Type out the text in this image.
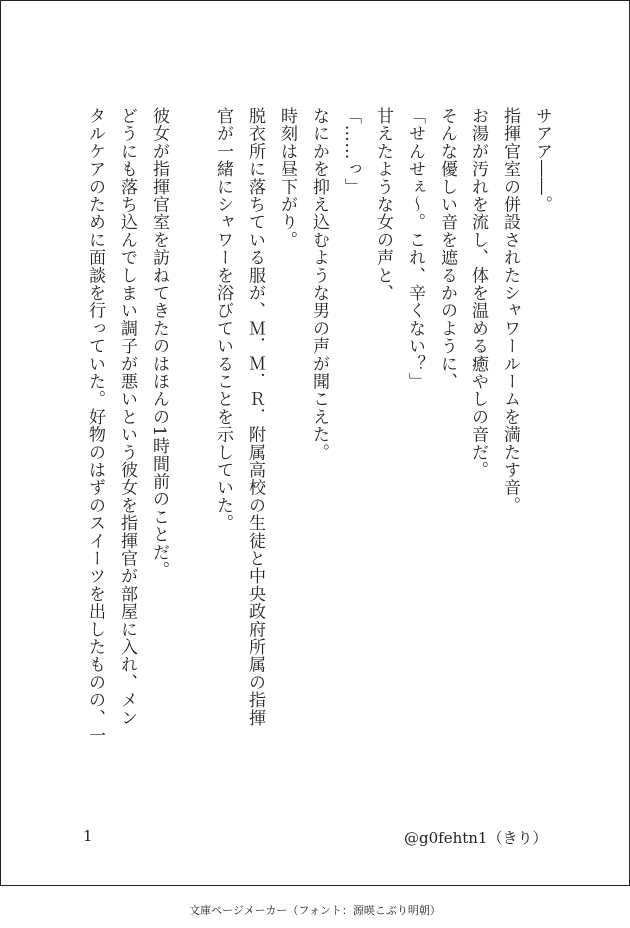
サアア――。
指揮官室の併設されたシャワールームを満たす音。
お湯が汚れを流し、体を温める癒やしの音だ。
そんな優しい音を遮るかのように、
「せんせぇ〜。これ、辛くない？」
甘えたような女の声と、
「……っ」
なにかを抑え込むような男の声が聞こえた。
時刻は昼下がり。
脱衣所に落ちている服が、Ｍ．Ｍ．Ｒ．附属高校の生徒と中央政府所属の指揮
官が一緒にシャワーを浴びていることを示していた。
彼女が指揮官室を訪ねてきたのはほんの1時間前のことだ。
どうにも落ち込んでしまい調子が悪いという彼女を指揮官が部屋に入れ、メン
タルケアのために面談を行っていた。好物のはずのスイーツを出したものの、一
1	@g0fehtn1（きり）
文庫ページメーカー（フォント：源暎こぶり明朝）
